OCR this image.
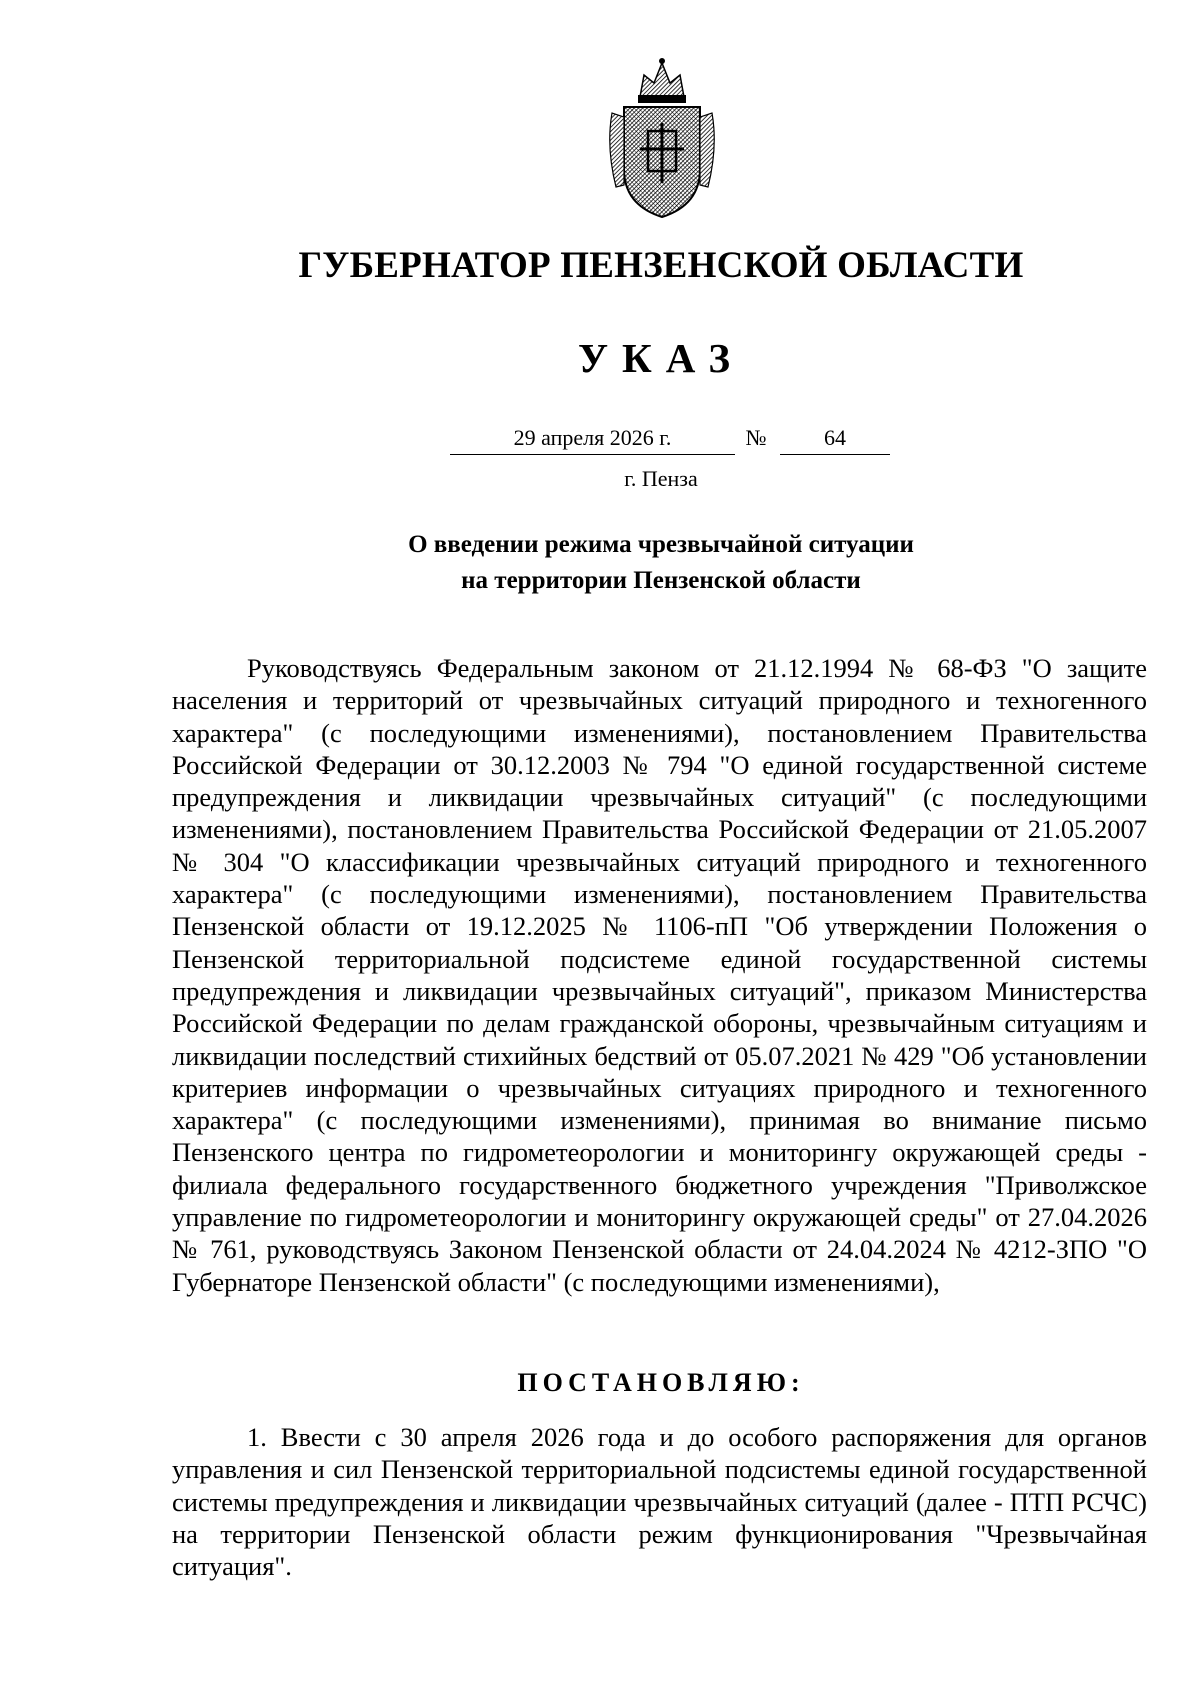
ГУБЕРНАТОР ПЕНЗЕНСКОЙ ОБЛАСТИ
УКАЗ
29 апреля 2026 г.	№	64
г. Пенза
О введении режима чрезвычайной ситуации
на территории Пензенской области

Руководствуясь Федеральным законом от 21.12.1994 № 68-ФЗ "О защите населения и территорий от чрезвычайных ситуаций природного и техногенного характера" (с последующими изменениями), постановлением Правительства Российской Федерации от 30.12.2003 № 794 "О единой государственной системе предупреждения и ликвидации чрезвычайных ситуаций" (с последующими изменениями), постановлением Правительства Российской Федерации от 21.05.2007 № 304 "О классификации чрезвычайных ситуаций природного и техногенного характера" (с последующими изменениями), постановлением Правительства Пензенской области от 19.12.2025 № 1106-пП "Об утверждении Положения о Пензенской территориальной подсистеме единой государственной системы предупреждения и ликвидации чрезвычайных ситуаций", приказом Министерства Российской Федерации по делам гражданской обороны, чрезвычайным ситуациям и ликвидации последствий стихийных бедствий от 05.07.2021 № 429 "Об установлении критериев информации о чрезвычайных ситуациях природного и техногенного характера" (с последующими изменениями), принимая во внимание письмо Пензенского центра по гидрометеорологии и мониторингу окружающей среды - филиала федерального государственного бюджетного учреждения "Приволжское управление по гидрометеорологии и мониторингу окружающей среды" от 27.04.2026 № 761, руководствуясь Законом Пензенской области от 24.04.2024 № 4212-ЗПО "О Губернаторе Пензенской области" (с последующими изменениями),

ПОСТАНОВЛЯЮ:

1. Ввести с 30 апреля 2026 года и до особого распоряжения для органов управления и сил Пензенской территориальной подсистемы единой государственной системы предупреждения и ликвидации чрезвычайных ситуаций (далее - ПТП РСЧС) на территории Пензенской области режим функционирования "Чрезвычайная ситуация".
